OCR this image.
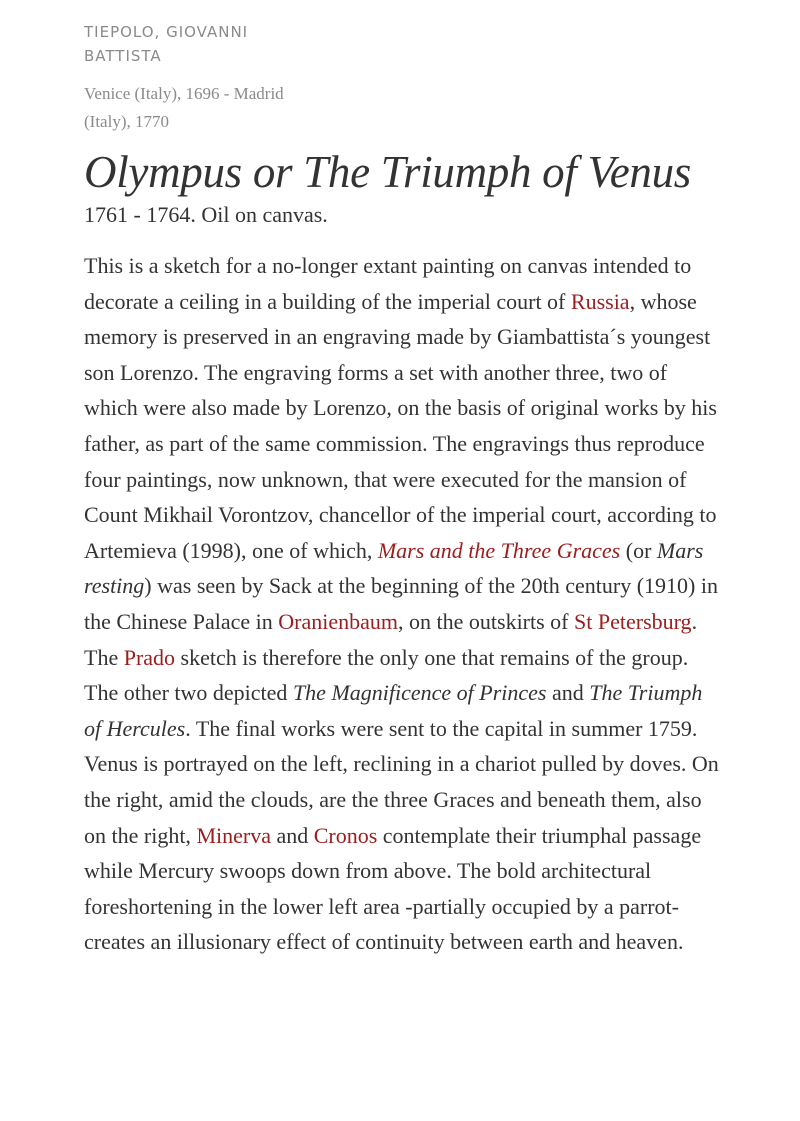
TIEPOLO, GIOVANNI BATTISTA
Venice (Italy), 1696 - Madrid (Italy), 1770
Olympus or The Triumph of Venus
1761 - 1764. Oil on canvas.
This is a sketch for a no-longer extant painting on canvas intended to decorate a ceiling in a building of the imperial court of Russia, whose memory is preserved in an engraving made by Giambattista´s youngest son Lorenzo. The engraving forms a set with another three, two of which were also made by Lorenzo, on the basis of original works by his father, as part of the same commission. The engravings thus reproduce four paintings, now unknown, that were executed for the mansion of Count Mikhail Vorontzov, chancellor of the imperial court, according to Artemieva (1998), one of which, Mars and the Three Graces (or Mars resting) was seen by Sack at the beginning of the 20th century (1910) in the Chinese Palace in Oranienbaum, on the outskirts of St Petersburg. The Prado sketch is therefore the only one that remains of the group. The other two depicted The Magnificence of Princes and The Triumph of Hercules. The final works were sent to the capital in summer 1759. Venus is portrayed on the left, reclining in a chariot pulled by doves. On the right, amid the clouds, are the three Graces and beneath them, also on the right, Minerva and Cronos contemplate their triumphal passage while Mercury swoops down from above. The bold architectural foreshortening in the lower left area -partially occupied by a parrot- creates an illusionary effect of continuity between earth and heaven.
